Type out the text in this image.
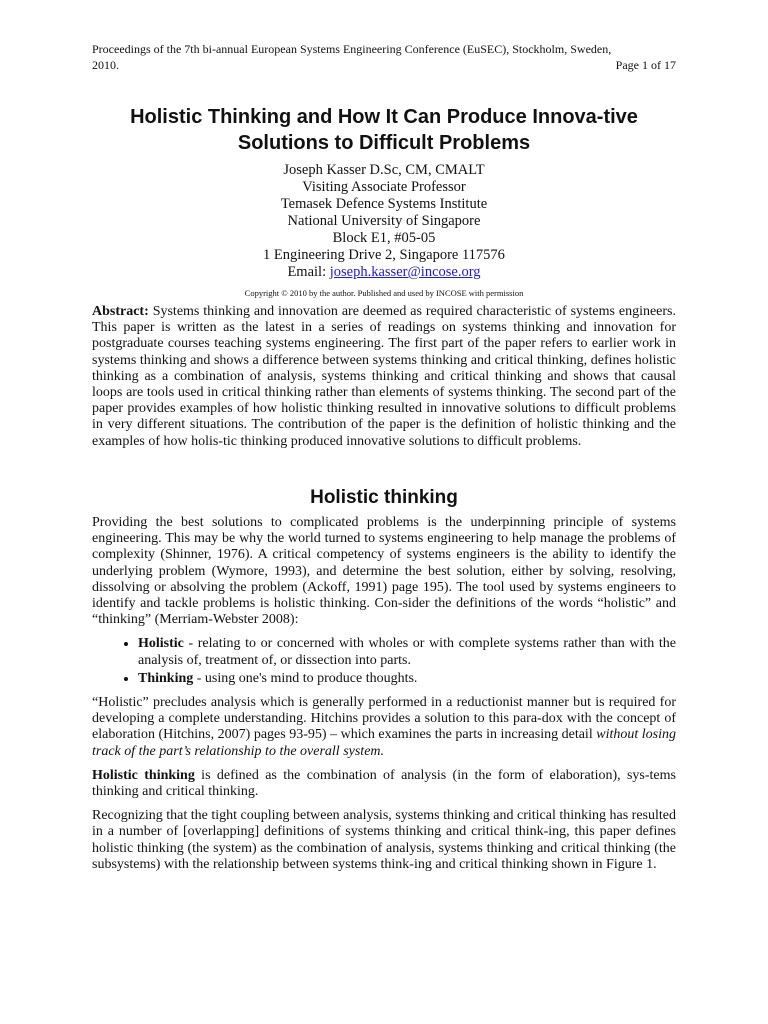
Proceedings of the 7th bi-annual European Systems Engineering Conference (EuSEC), Stockholm, Sweden,
2010.	Page 1 of 17
Holistic Thinking and How It Can Produce Innova-tive Solutions to Difficult Problems
Joseph Kasser D.Sc, CM, CMALT
Visiting Associate Professor
Temasek Defence Systems Institute
National University of Singapore
Block E1, #05-05
1 Engineering Drive 2, Singapore 117576
Email: joseph.kasser@incose.org
Copyright © 2010 by the author. Published and used by INCOSE with permission
Abstract: Systems thinking and innovation are deemed as required characteristic of systems engineers. This paper is written as the latest in a series of readings on systems thinking and innovation for postgraduate courses teaching systems engineering. The first part of the paper refers to earlier work in systems thinking and shows a difference between systems thinking and critical thinking, defines holistic thinking as a combination of analysis, systems thinking and critical thinking and shows that causal loops are tools used in critical thinking rather than elements of systems thinking. The second part of the paper provides examples of how holistic thinking resulted in innovative solutions to difficult problems in very different situations. The contribution of the paper is the definition of holistic thinking and the examples of how holis-tic thinking produced innovative solutions to difficult problems.
Holistic thinking

Providing the best solutions to complicated problems is the underpinning principle of systems engineering. This may be why the world turned to systems engineering to help manage the problems of complexity (Shinner, 1976). A critical competency of systems engineers is the ability to identify the underlying problem (Wymore, 1993), and determine the best solution, either by solving, resolving, dissolving or absolving the problem (Ackoff, 1991) page 195). The tool used by systems engineers to identify and tackle problems is holistic thinking. Con-sider the definitions of the words “holistic” and “thinking” (Merriam-Webster 2008):

• Holistic - relating to or concerned with wholes or with complete systems rather than with the analysis of, treatment of, or dissection into parts.
• Thinking - using one's mind to produce thoughts.

“Holistic” precludes analysis which is generally performed in a reductionist manner but is required for developing a complete understanding. Hitchins provides a solution to this para-dox with the concept of elaboration (Hitchins, 2007) pages 93-95) – which examines the parts in increasing detail without losing track of the part’s relationship to the overall system.

Holistic thinking is defined as the combination of analysis (in the form of elaboration), sys-tems thinking and critical thinking.

Recognizing that the tight coupling between analysis, systems thinking and critical thinking has resulted in a number of [overlapping] definitions of systems thinking and critical think-ing, this paper defines holistic thinking (the system) as the combination of analysis, systems thinking and critical thinking (the subsystems) with the relationship between systems think-ing and critical thinking shown in Figure 1.
